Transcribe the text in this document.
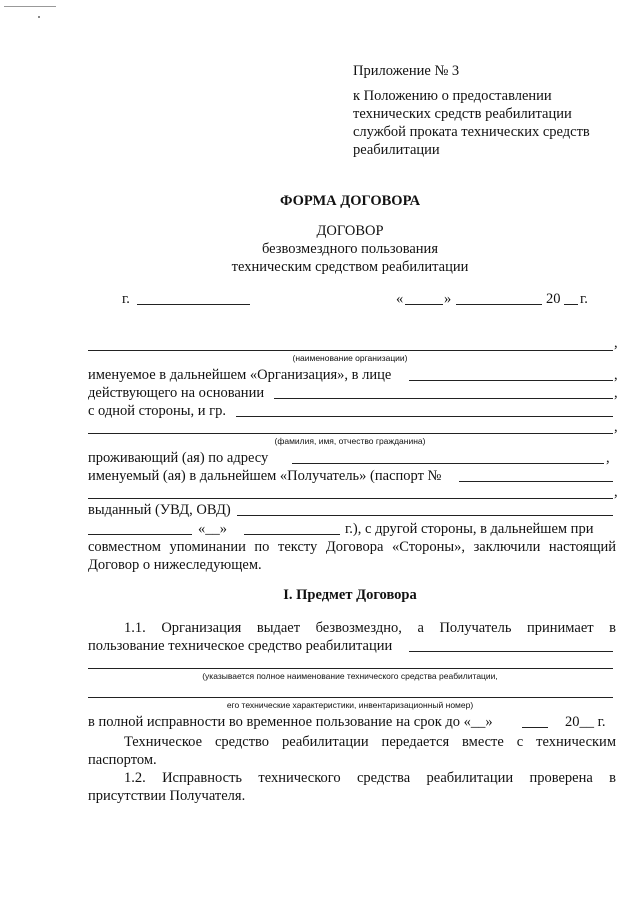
Приложение № 3
к Положению о предоставлении
технических средств реабилитации
службой проката технических средств
реабилитации
ФОРМА ДОГОВОРА
ДОГОВОР
безвозмездного пользования
техническим средством реабилитации
г.	«	»	20 г.
,
(наименование организации)
именуемое в дальнейшем «Организация», в лице	,
действующего на основании	,
с одной стороны, и гр.
,
(фамилия, имя, отчество гражданина)
проживающий (ая) по адресу	,
именуемый (ая) в дальнейшем «Получатель» (паспорт №
,
выданный (УВД, ОВД)
«__»	г.), с другой стороны, в дальнейшем при
совместном упоминании по тексту Договора «Стороны», заключили настоящий
Договор о нижеследующем.
I. Предмет Договора
1.1. Организация выдает безвозмездно, а Получатель принимает в
пользование техническое средство реабилитации
(указывается полное наименование технического средства реабилитации,
его технические характеристики, инвентаризационный номер)
в полной исправности во временное пользование на срок до «__»	20__ г.
Техническое средство реабилитации передается вместе с техническим
паспортом.
1.2. Исправность технического средства реабилитации проверена в
присутствии Получателя.
